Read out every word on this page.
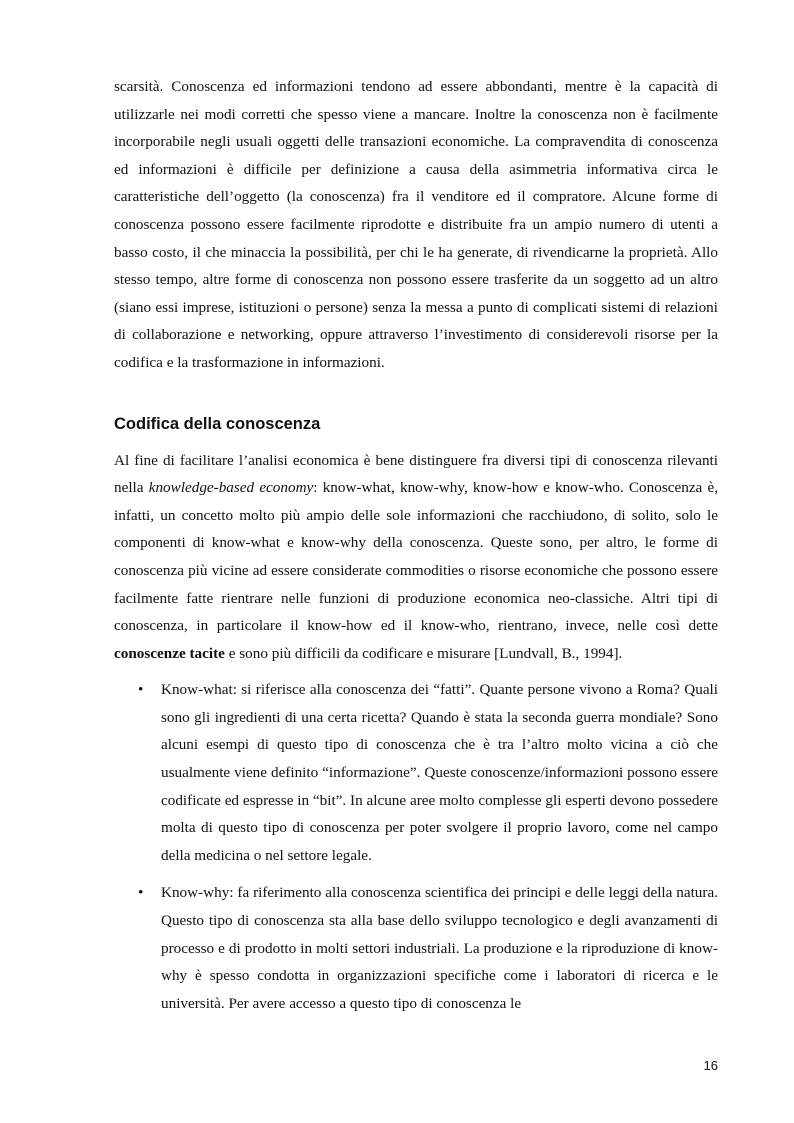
scarsità. Conoscenza ed informazioni tendono ad essere abbondanti, mentre è la capacità di utilizzarle nei modi corretti che spesso viene a mancare. Inoltre la conoscenza non è facilmente incorporabile negli usuali oggetti delle transazioni economiche. La compravendita di conoscenza ed informazioni è difficile per definizione a causa della asimmetria informativa circa le caratteristiche dell’oggetto (la conoscenza) fra il venditore ed il compratore. Alcune forme di conoscenza possono essere facilmente riprodotte e distribuite fra un ampio numero di utenti a basso costo, il che minaccia la possibilità, per chi le ha generate, di rivendicarne la proprietà. Allo stesso tempo, altre forme di conoscenza non possono essere trasferite da un soggetto ad un altro (siano essi imprese, istituzioni o persone) senza la messa a punto di complicati sistemi di relazioni di collaborazione e networking, oppure attraverso l’investimento di considerevoli risorse per la codifica e la trasformazione in informazioni.

Codifica della conoscenza

Al fine di facilitare l’analisi economica è bene distinguere fra diversi tipi di conoscenza rilevanti nella knowledge-based economy: know-what, know-why, know-how e know-who. Conoscenza è, infatti, un concetto molto più ampio delle sole informazioni che racchiudono, di solito, solo le componenti di know-what e know-why della conoscenza. Queste sono, per altro, le forme di conoscenza più vicine ad essere considerate commodities o risorse economiche che possono essere facilmente fatte rientrare nelle funzioni di produzione economica neo-classiche. Altri tipi di conoscenza, in particolare il know-how ed il know-who, rientrano, invece, nelle così dette conoscenze tacite e sono più difficili da codificare e misurare [Lundvall, B., 1994].

• Know-what: si riferisce alla conoscenza dei “fatti”. Quante persone vivono a Roma? Quali sono gli ingredienti di una certa ricetta? Quando è stata la seconda guerra mondiale? Sono alcuni esempi di questo tipo di conoscenza che è tra l’altro molto vicina a ciò che usualmente viene definito “informazione”. Queste conoscenze/informazioni possono essere codificate ed espresse in “bit”. In alcune aree molto complesse gli esperti devono possedere molta di questo tipo di conoscenza per poter svolgere il proprio lavoro, come nel campo della medicina o nel settore legale.
• Know-why: fa riferimento alla conoscenza scientifica dei principi e delle leggi della natura. Questo tipo di conoscenza sta alla base dello sviluppo tecnologico e degli avanzamenti di processo e di prodotto in molti settori industriali. La produzione e la riproduzione di know-why è spesso condotta in organizzazioni specifiche come i laboratori di ricerca e le università. Per avere accesso a questo tipo di conoscenza le
16
